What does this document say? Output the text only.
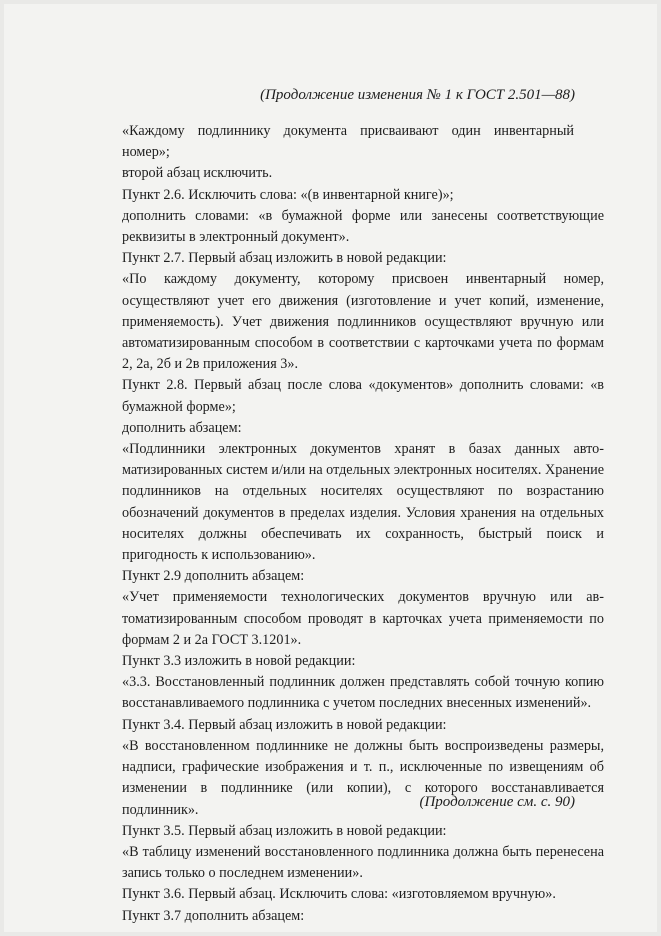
(Продолжение изменения № 1 к ГОСТ 2.501—88)

«Каждому подлиннику документа присваивают один инвентарный номер»;

второй абзац исключить.

Пункт 2.6. Исключить слова: «(в инвентарной книге)»;

дополнить словами: «в бумажной форме или занесены соответствующие реквизиты в электронный документ».

Пункт 2.7. Первый абзац изложить в новой редакции:

«По каждому документу, которому присвоен инвентарный номер, осуществляют учет его движения (изготовление и учет копий, изменение, применяемость). Учет движения подлинников осуществляют вручную или автоматизированным способом в соответствии с карточками учета по формам 2, 2а, 2б и 2в приложения 3».

Пункт 2.8. Первый абзац после слова «документов» дополнить словами: «в бумажной форме»;

дополнить абзацем:

«Подлинники электронных документов хранят в базах данных автоматизированных систем и/или на отдельных электронных носителях. Хранение подлинников на отдельных носителях осуществляют по возрастанию обозначений документов в пределах изделия. Условия хранения на отдельных носителях должны обеспечивать их сохранность, быстрый поиск и пригодность к использованию».

Пункт 2.9 дополнить абзацем:

«Учет применяемости технологических документов вручную или автоматизированным способом проводят в карточках учета применяемости по формам 2 и 2а ГОСТ 3.1201».

Пункт 3.3 изложить в новой редакции:

«3.3. Восстановленный подлинник должен представлять собой точную копию восстанавливаемого подлинника с учетом последних внесенных изменений».

Пункт 3.4. Первый абзац изложить в новой редакции:

«В восстановленном подлиннике не должны быть воспроизведены размеры, надписи, графические изображения и т. п., исключенные по извещениям об изменении в подлиннике (или копии), с которого восстанавливается подлинник».

Пункт 3.5. Первый абзац изложить в новой редакции:

«В таблицу изменений восстановленного подлинника должна быть перенесена запись только о последнем изменении».

Пункт 3.6. Первый абзац. Исключить слова: «изготовляемом вручную».

Пункт 3.7 дополнить абзацем:

(Продолжение см. с. 90)
